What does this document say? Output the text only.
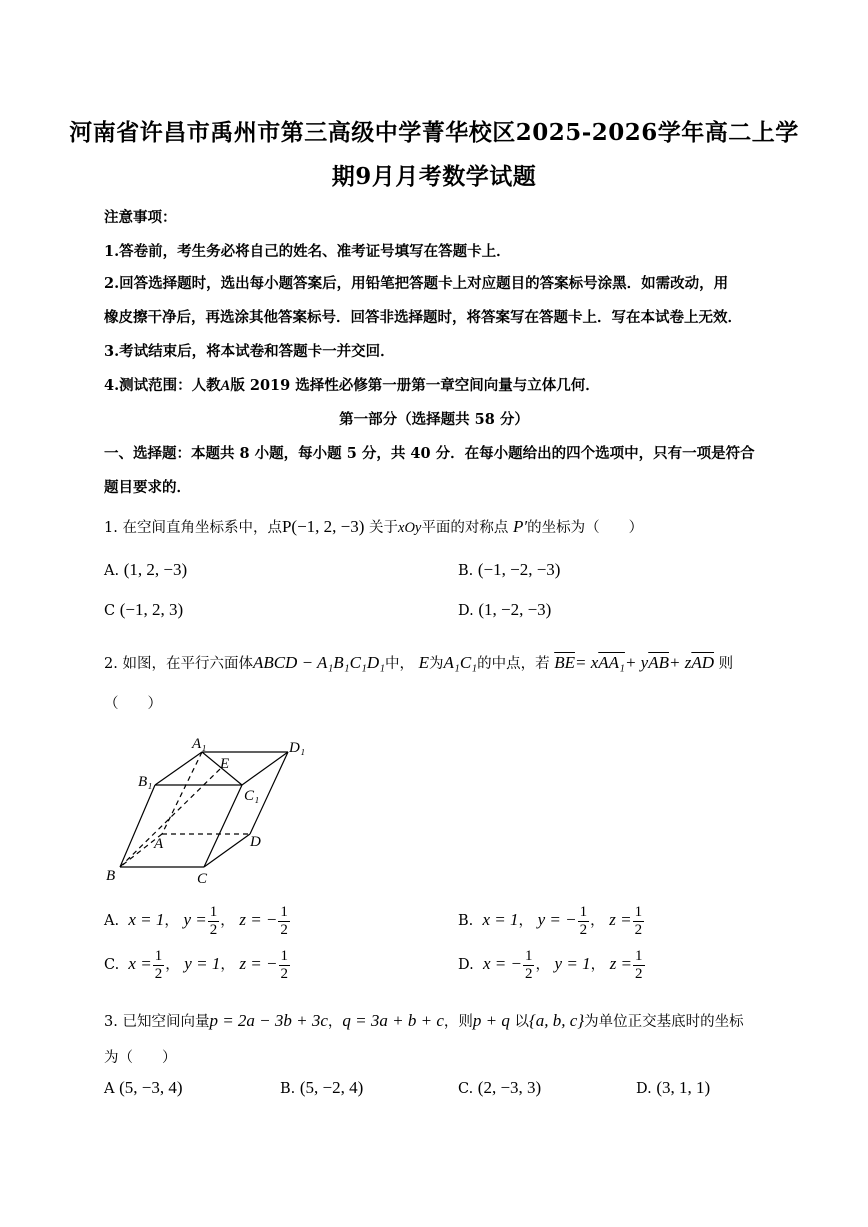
河南省许昌市禹州市第三高级中学菁华校区2025-2026学年高二上学
期9月月考数学试题
注意事项：
1.答卷前，考生务必将自己的姓名、准考证号填写在答题卡上．
2.回答选择题时，选出每小题答案后，用铅笔把答题卡上对应题目的答案标号涂黑．如需改动，用
橡皮擦干净后，再选涂其他答案标号．回答非选择题时，将答案写在答题卡上．写在本试卷上无效．
3.考试结束后，将本试卷和答题卡一并交回．
4.测试范围：人教A版 2019 选择性必修第一册第一章空间向量与立体几何．
第一部分（选择题共 58 分）
一、选择题：本题共 8 小题，每小题 5 分，共 40 分．在每小题给出的四个选项中，只有一项是符合
题目要求的．
1. 在空间直角坐标系中，点P(−1, 2, −3) 关于xOy平面的对称点 P′的坐标为（　　）
A. (1, 2, −3)	B. (−1, −2, −3)
C (−1, 2, 3)	D. (1, −2, −3)
2. 如图，在平行六面体ABCD − A₁B₁C₁D₁中， E为A₁C₁的中点，若 $\overline{BE}= xAA_1+ y\overline{AB}+ z\overline{AD}$ 则
（　　）
A₁	D₁
E
B₁
C₁
A	D
B	C
A. x = 1， $y = \frac{1}{2}$ ， z = − $\frac{1}{2}$	B. x = 1， y = − $\frac{1}{2}$ ， $z = \frac{1}{2}$
C. $x = \frac{1}{2}$ ， y = 1， z = − $\frac{1}{2}$	D. x = − $\frac{1}{2}$ ， y = 1， $z = \frac{1}{2}$
3. 已知空间向量p = 2a − 3b + 3c，q = 3a + b + c，则p + q 以{a, b, c}为单位正交基底时的坐标
为（　　）
A (5, −3, 4)	B. (5, −2, 4)	C. (2, −3, 3)	D. (3, 1, 1)
